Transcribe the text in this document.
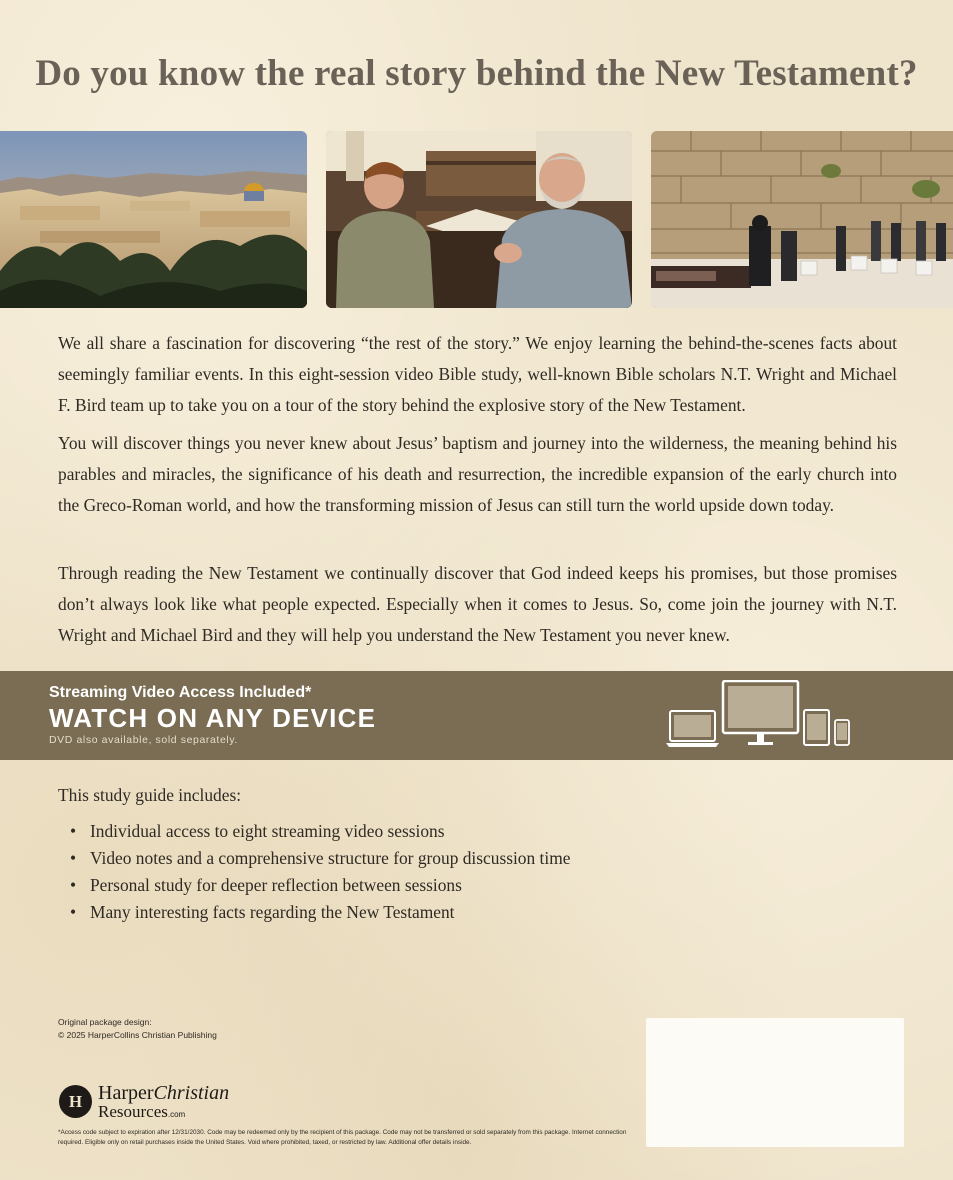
Do you know the real story behind the New Testament?

We all share a fascination for discovering “the rest of the story.” We enjoy learning the behind-the-scenes facts about seemingly familiar events. In this eight-session video Bible study, well-known Bible scholars N.T. Wright and Michael F. Bird team up to take you on a tour of the story behind the explosive story of the New Testament.

You will discover things you never knew about Jesus’ baptism and journey into the wilderness, the meaning behind his parables and miracles, the significance of his death and resurrection, the incredible expansion of the early church into the Greco-Roman world, and how the transforming mission of Jesus can still turn the world upside down today.

Through reading the New Testament we continually discover that God indeed keeps his promises, but those promises don’t always look like what people expected. Especially when it comes to Jesus. So, come join the journey with N.T. Wright and Michael Bird and they will help you understand the New Testament you never knew.

Streaming Video Access Included*
WATCH ON ANY DEVICE
DVD also available, sold separately.

This study guide includes:

• Individual access to eight streaming video sessions
• Video notes and a comprehensive structure for group discussion time
• Personal study for deeper reflection between sessions
• Many interesting facts regarding the New Testament
Original package design:
© 2025 HarperCollins Christian Publishing
H HarperChristian
Resources.com
*Access code subject to expiration after 12/31/2030. Code may be redeemed only by the recipient of this package. Code may not be transferred or sold separately from this package. Internet connection required. Eligible only on retail purchases inside the United States. Void where prohibited, taxed, or restricted by law. Additional offer details inside.
